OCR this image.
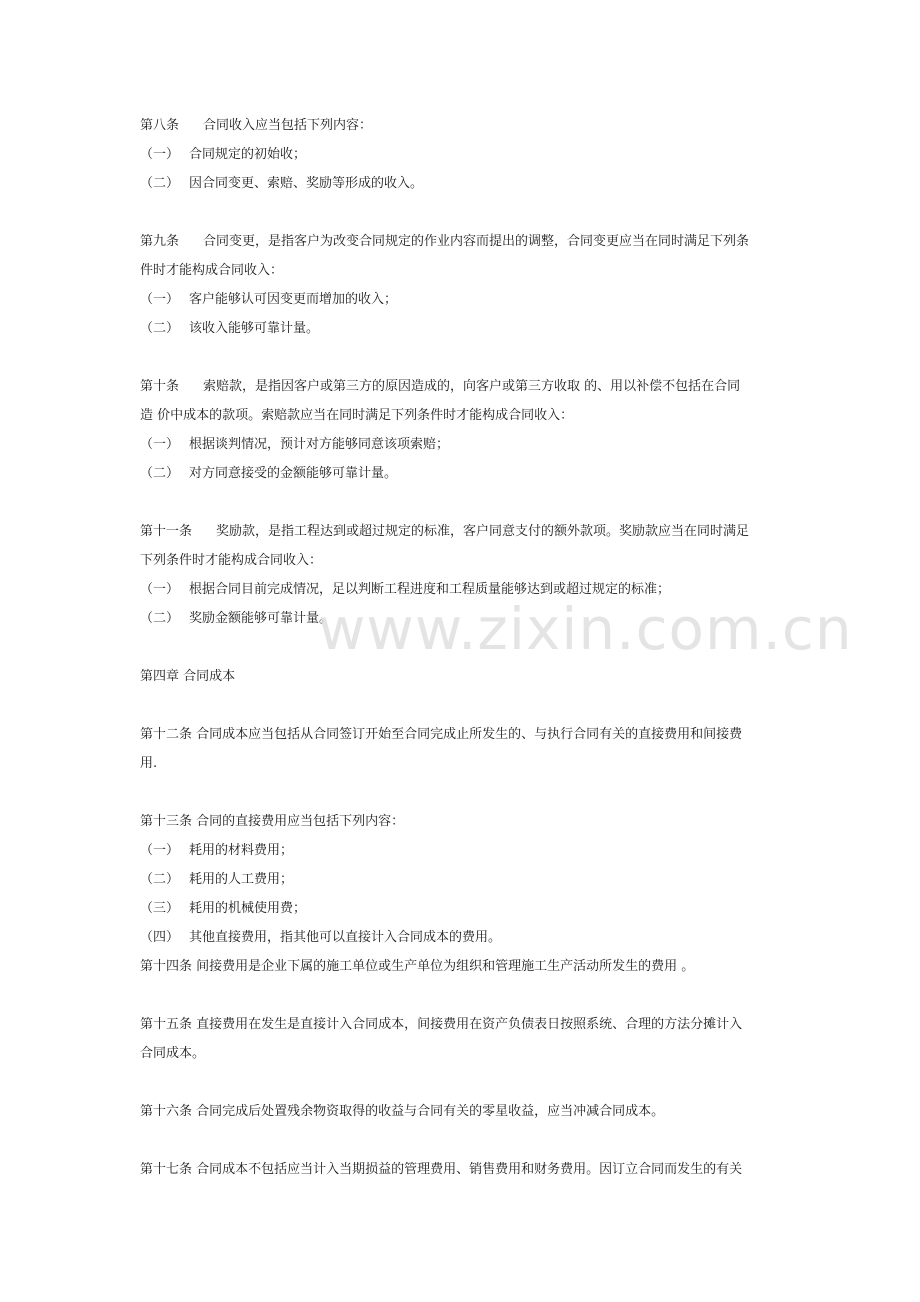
第八条 合同收入应当包括下列内容：
（一） 合同规定的初始收；
（二） 因合同变更、索赔、奖励等形成的收入。
第九条 合同变更，是指客户为改变合同规定的作业内容而提出的调整，合同变更应当在同时满足下列条
件时才能构成合同收入：
（一） 客户能够认可因变更而增加的收入；
（二） 该收入能够可靠计量。
第十条 索赔款，是指因客户或第三方的原因造成的，向客户或第三方收取 的、用以补偿不包括在合同
造 价中成本的款项。索赔款应当在同时满足下列条件时才能构成合同收入：
（一） 根据谈判情况，预计对方能够同意该项索赔；
（二） 对方同意接受的金额能够可靠计量。
第十一条 奖励款，是指工程达到或超过规定的标准，客户同意支付的额外款项。奖励款应当在同时满足
下列条件时才能构成合同收入：
（一） 根据合同目前完成情况，足以判断工程进度和工程质量能够达到或超过规定的标准；
（二） 奖励金额能够可靠计量。
第四章 合同成本
第十二条 合同成本应当包括从合同签订开始至合同完成止所发生的、与执行合同有关的直接费用和间接费
用.
第十三条 合同的直接费用应当包括下列内容：
（一） 耗用的材料费用；
（二） 耗用的人工费用；
（三） 耗用的机械使用费；
（四） 其他直接费用，指其他可以直接计入合同成本的费用。
第十四条 间接费用是企业下属的施工单位或生产单位为组织和管理施工生产活动所发生的费用 。
第十五条 直接费用在发生是直接计入合同成本，间接费用在资产负债表日按照系统、合理的方法分摊计入
合同成本。
第十六条 合同完成后处置残余物资取得的收益与合同有关的零星收益，应当冲减合同成本。
第十七条 合同成本不包括应当计入当期损益的管理费用、销售费用和财务费用。因订立合同而发生的有关
www.zixin.com.cn
